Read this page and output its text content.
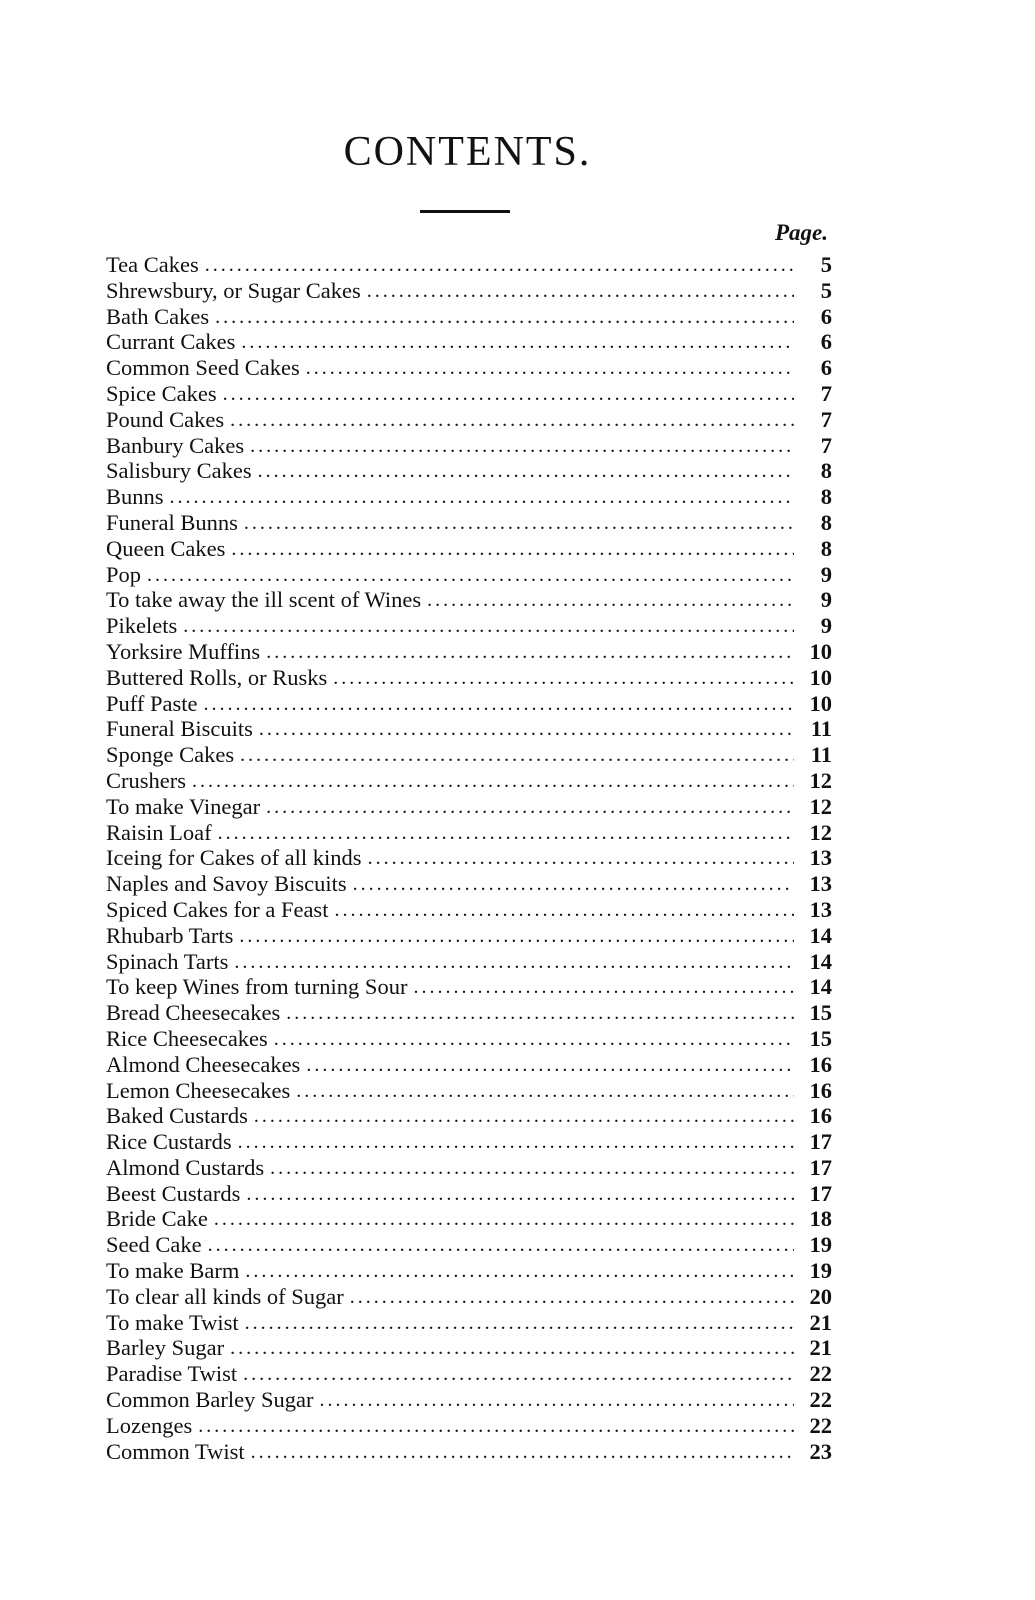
CONTENTS.
Page.
Tea Cakes . . .	5
Shrewsbury, or Sugar Cakes . . .	5
Bath Cakes . . .	6
Currant Cakes . . .	6
Common Seed Cakes . . .	6
Spice Cakes . . .	7
Pound Cakes . . .	7
Banbury Cakes . . .	7
Salisbury Cakes . . .	8
Bunns . . .	8
Funeral Bunns . . .	8
Queen Cakes . . .	8
Pop . . .	9
To take away the ill scent of Wines . . .	9
Pikelets . . .	9
Yorksire Muffins . . .	10
Buttered Rolls, or Rusks . . .	10
Puff Paste . . .	10
Funeral Biscuits . . .	11
Sponge Cakes . . .	11
Crushers . . .	12
To make Vinegar . . .	12
Raisin Loaf . . .	12
Iceing for Cakes of all kinds . . .	13
Naples and Savoy Biscuits . . .	13
Spiced Cakes for a Feast . . .	13
Rhubarb Tarts . . .	14
Spinach Tarts . . .	14
To keep Wines from turning Sour . . .	14
Bread Cheesecakes . . .	15
Rice Cheesecakes . . .	15
Almond Cheesecakes . . .	16
Lemon Cheesecakes . . .	16
Baked Custards . . .	16
Rice Custards . . .	17
Almond Custards . . .	17
Beest Custards . . .	17
Bride Cake . . .	18
Seed Cake . . .	19
To make Barm . . .	19
To clear all kinds of Sugar . . .	20
To make Twist . . .	21
Barley Sugar . . .	21
Paradise Twist . . .	22
Common Barley Sugar . . .	22
Lozenges . . .	22
Common Twist . . .	23
